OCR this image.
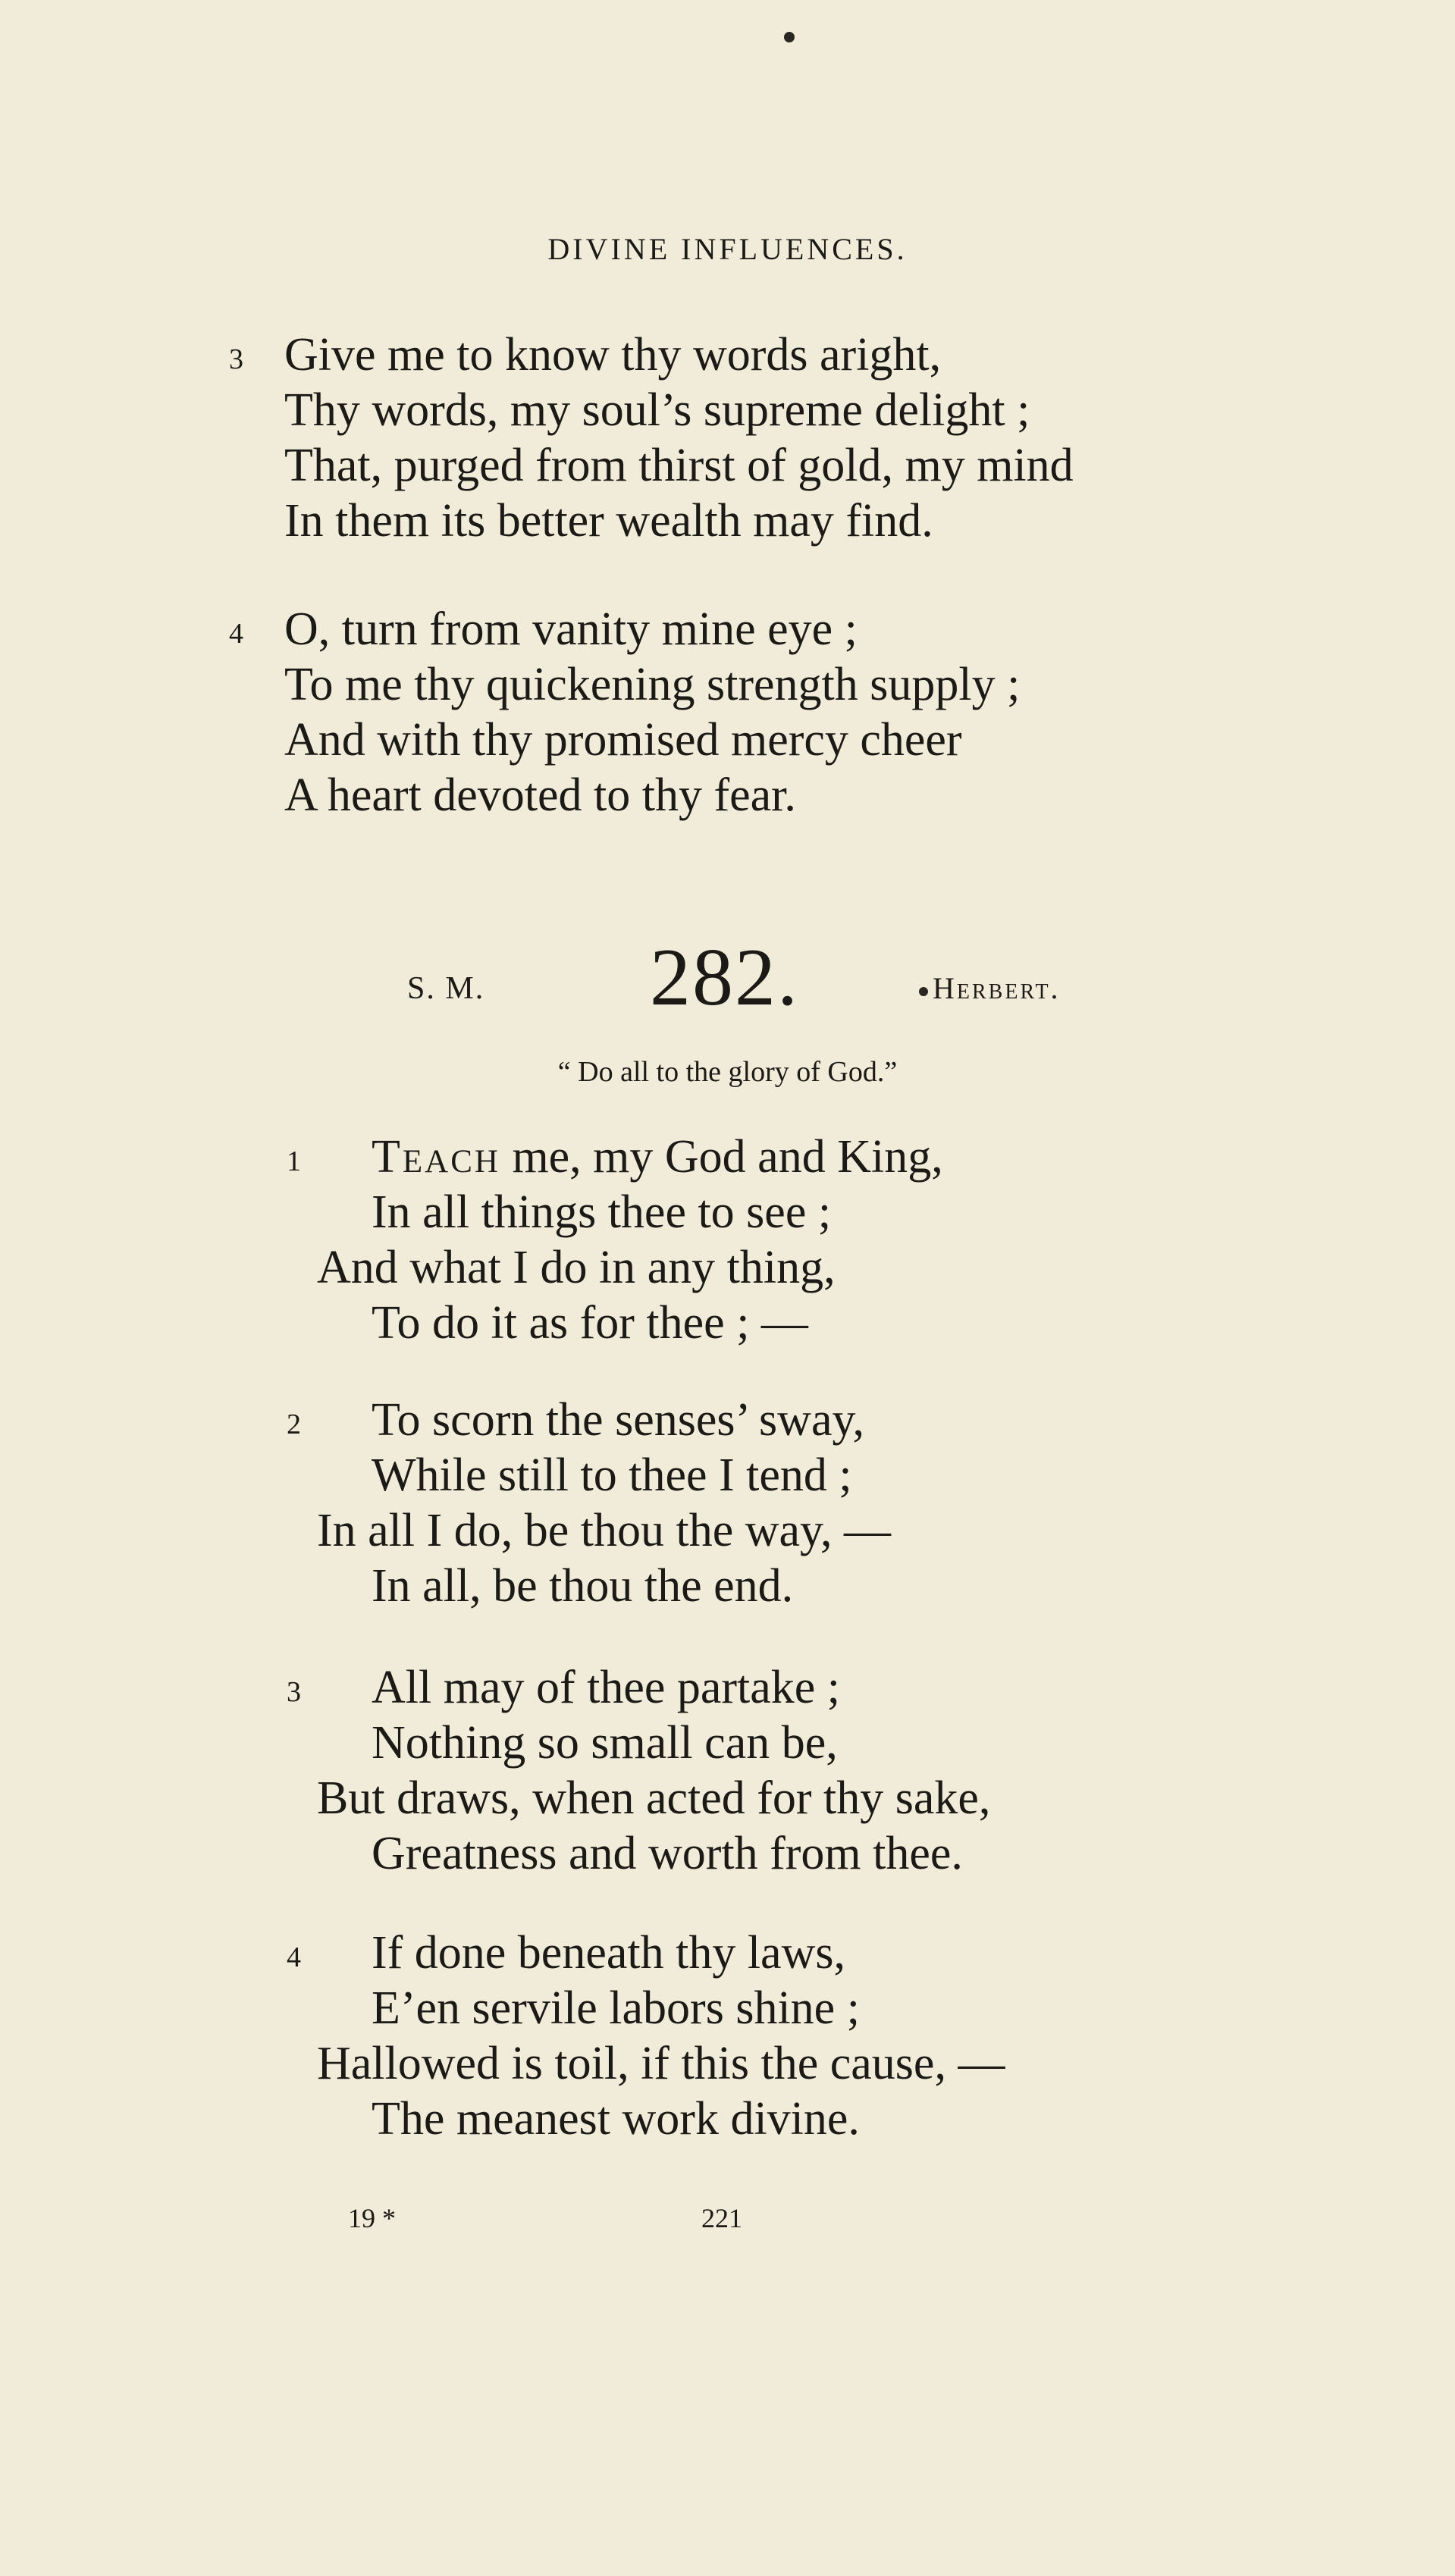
DIVINE INFLUENCES.
3 Give me to know thy words aright,
Thy words, my soul’s supreme delight ;
That, purged from thirst of gold, my mind
In them its better wealth may find.
4 O, turn from vanity mine eye ;
To me thy quickening strength supply ;
And with thy promised mercy cheer
A heart devoted to thy fear.
S. M. 282.	Herbert.
“ Do all to the glory of God.”
1 Teach me, my God and King,
In all things thee to see ;
And what I do in any thing,
To do it as for thee ; —
2 To scorn the senses’ sway,
While still to thee I tend ;
In all I do, be thou the way, —
In all, be thou the end.
3 All may of thee partake ;
Nothing so small can be,
But draws, when acted for thy sake,
Greatness and worth from thee.
4 If done beneath thy laws,
E’en servile labors shine ;
Hallowed is toil, if this the cause, —
The meanest work divine.
19 *	221
